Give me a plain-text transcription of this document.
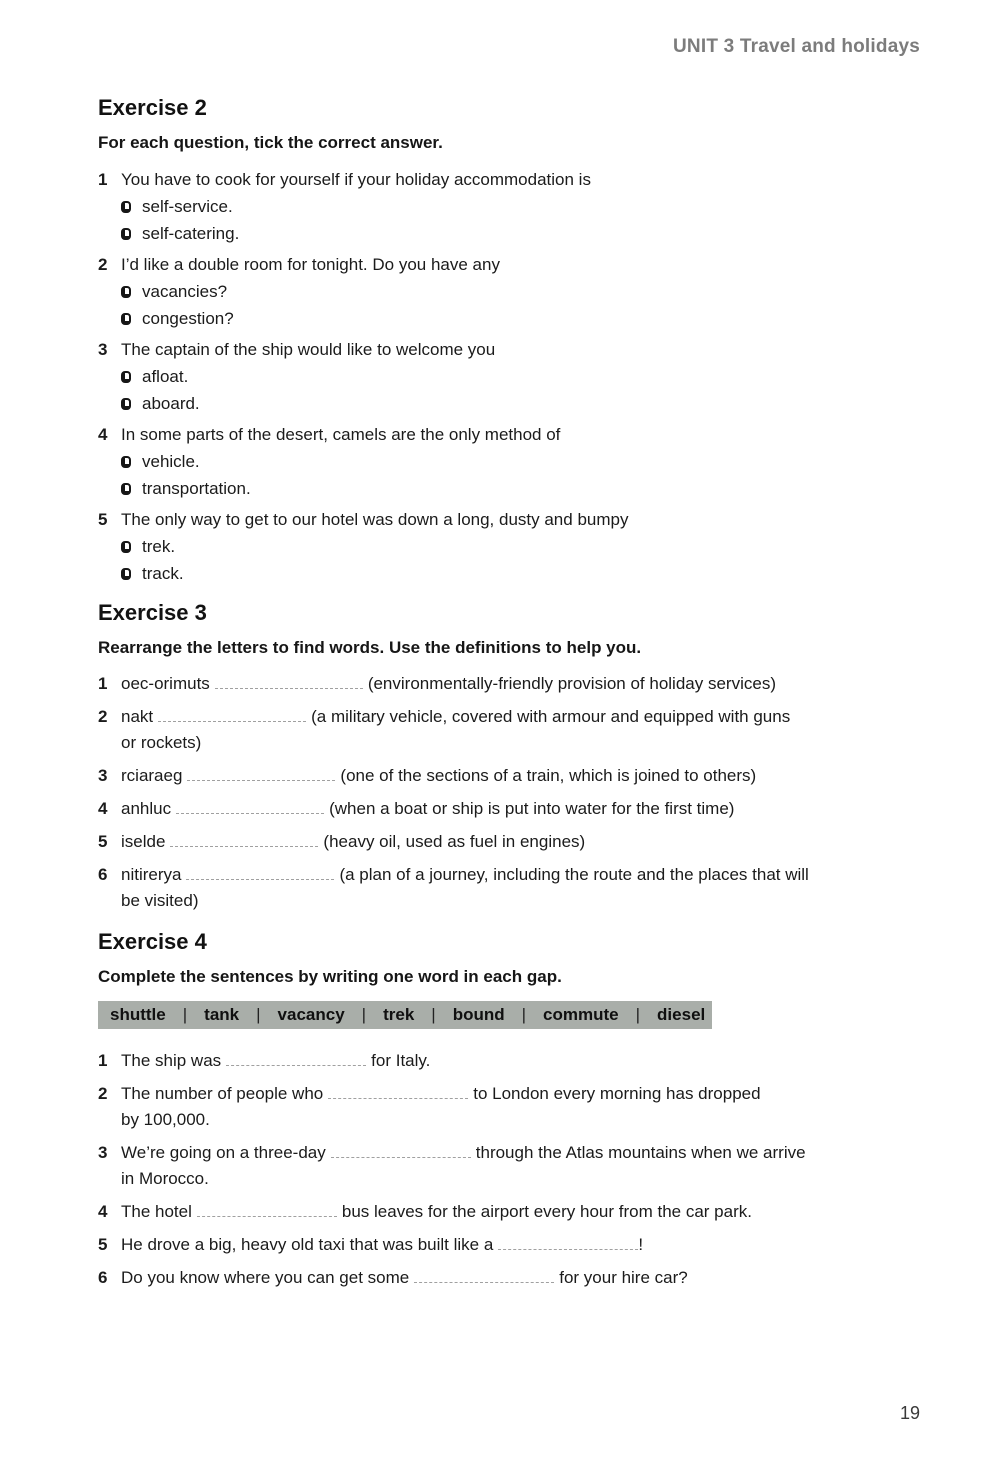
UNIT 3 Travel and holidays
Exercise 2

For each question, tick the correct answer.

1 You have to cook for yourself if your holiday accommodation is
self-service.
self-catering.
2 I’d like a double room for tonight. Do you have any
vacancies?
congestion?
3 The captain of the ship would like to welcome you
afloat.
aboard.
4 In some parts of the desert, camels are the only method of
vehicle.
transportation.
5 The only way to get to our hotel was down a long, dusty and bumpy
trek.
track.
Exercise 3

Rearrange the letters to find words. Use the definitions to help you.

1 oec-orimuts	(environmentally-friendly provision of holiday services)
2 nakt	(a military vehicle, covered with armour and equipped with guns
or rockets)
3 rciaraeg	(one of the sections of a train, which is joined to others)
4 anhluc	(when a boat or ship is put into water for the first time)
5 iselde	(heavy oil, used as fuel in engines)
6 nitirerya	(a plan of a journey, including the route and the places that will
be visited)
Exercise 4

Complete the sentences by writing one word in each gap.

shuttle | tank | vacancy | trek | bound | commute | diesel
1 The ship was	for Italy.
2 The number of people who	to London every morning has dropped
by 100,000.
3 We’re going on a three-day	through the Atlas mountains when we arrive
in Morocco.
4 The hotel	bus leaves for the airport every hour from the car park.
5 He drove a big, heavy old taxi that was built like a	!
6 Do you know where you can get some	for your hire car?
19
